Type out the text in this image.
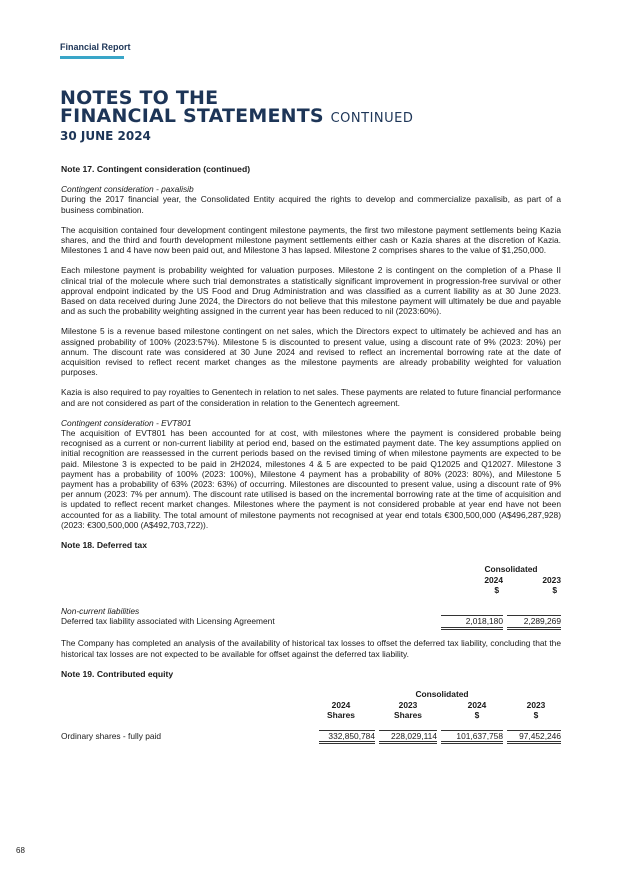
Financial Report
NOTES TO THE
FINANCIAL STATEMENTS CONTINUED
30 JUNE 2024
Note 17. Contingent consideration (continued)
Contingent consideration - paxalisib

During the 2017 financial year, the Consolidated Entity acquired the rights to develop and commercialize paxalisib, as part of a business combination.

The acquisition contained four development contingent milestone payments, the first two milestone payment settlements being Kazia shares, and the third and fourth development milestone payment settlements either cash or Kazia shares at the discretion of Kazia. Milestones 1 and 4 have now been paid out, and Milestone 3 has lapsed. Milestone 2 comprises shares to the value of $1,250,000.

Each milestone payment is probability weighted for valuation purposes. Milestone 2 is contingent on the completion of a Phase II clinical trial of the molecule where such trial demonstrates a statistically significant improvement in progression-free survival or other approval endpoint indicated by the US Food and Drug Administration and was classified as a current liability as at 30 June 2023. Based on data received during June 2024, the Directors do not believe that this milestone payment will ultimately be due and payable and as such the probability weighting assigned in the current year has been reduced to nil (2023:60%).

Milestone 5 is a revenue based milestone contingent on net sales, which the Directors expect to ultimately be achieved and has an assigned probability of 100% (2023:57%). Milestone 5 is discounted to present value, using a discount rate of 9% (2023: 20%) per annum. The discount rate was considered at 30 June 2024 and revised to reflect an incremental borrowing rate at the date of acquisition revised to reflect recent market changes as the milestone payments are already probability weighted for valuation purposes.

Kazia is also required to pay royalties to Genentech in relation to net sales. These payments are related to future financial performance and are not considered as part of the consideration in relation to the Genentech agreement.

Contingent consideration - EVT801

The acquisition of EVT801 has been accounted for at cost, with milestones where the payment is considered probable being recognised as a current or non-current liability at period end, based on the estimated payment date. The key assumptions applied on initial recognition are reassessed in the current periods based on the revised timing of when milestone payments are expected to be paid. Milestone 3 is expected to be paid in 2H2024, milestones 4 & 5 are expected to be paid Q12025 and Q12027. Milestone 3 payment has a probability of 100% (2023: 100%), Milestone 4 payment has a probability of 80% (2023: 80%), and Milestone 5 payment has a probability of 63% (2023: 63%) of occurring. Milestones are discounted to present value, using a discount rate of 9% per annum (2023: 7% per annum). The discount rate utilised is based on the incremental borrowing rate at the time of acquisition and is updated to reflect recent market changes. Milestones where the payment is not considered probable at year end have not been accounted for as a liability. The total amount of milestone payments not recognised at year end totals €300,500,000 (A$496,287,928) (2023: €300,500,000 (A$492,703,722)).

Note 18. Deferred tax
Consolidated
2024	2023
$	$
Non-current liabilities
Deferred tax liability associated with Licensing Agreement	2,018,180	2,289,269

The Company has completed an analysis of the availability of historical tax losses to offset the deferred tax liability, concluding that the historical tax losses are not expected to be available for offset against the deferred tax liability.

Note 19. Contributed equity
Consolidated
2024	2023	2024	2023
Shares	Shares	$	$
Ordinary shares - fully paid	332,850,784	228,029,114	101,637,758	97,452,246
68
